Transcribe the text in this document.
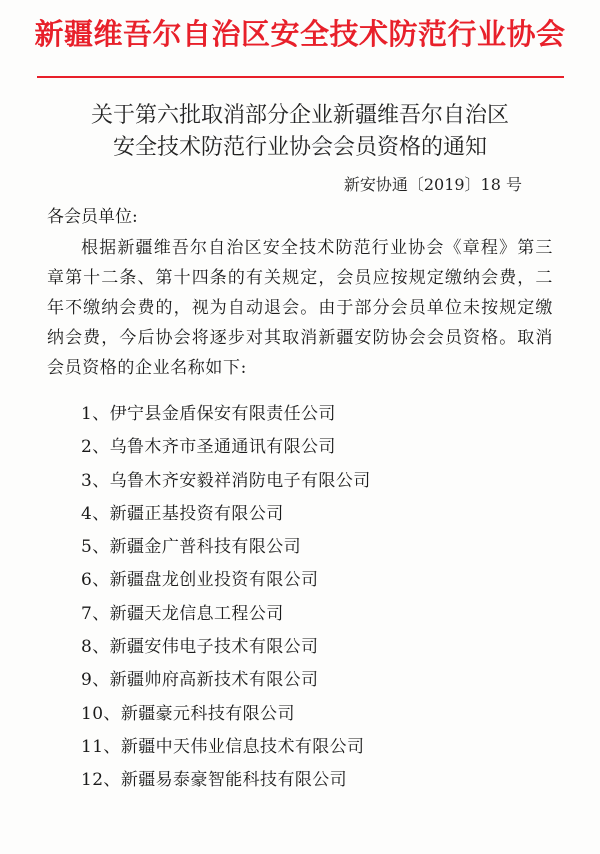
新疆维吾尔自治区安全技术防范行业协会
关于第六批取消部分企业新疆维吾尔自治区
安全技术防范行业协会会员资格的通知
新安协通〔2019〕18 号
各会员单位:
根据新疆维吾尔自治区安全技术防范行业协会《章程》第三章第十二条、第十四条的有关规定，会员应按规定缴纳会费，二年不缴纳会费的，视为自动退会。由于部分会员单位未按规定缴纳会费，今后协会将逐步对其取消新疆安防协会会员资格。取消会员资格的企业名称如下:
1、伊宁县金盾保安有限责任公司
2、乌鲁木齐市圣通通讯有限公司
3、乌鲁木齐安毅祥消防电子有限公司
4、新疆正基投资有限公司
5、新疆金广普科技有限公司
6、新疆盘龙创业投资有限公司
7、新疆天龙信息工程公司
8、新疆安伟电子技术有限公司
9、新疆帅府高新技术有限公司
10、新疆豪元科技有限公司
11、新疆中天伟业信息技术有限公司
12、新疆易泰豪智能科技有限公司
